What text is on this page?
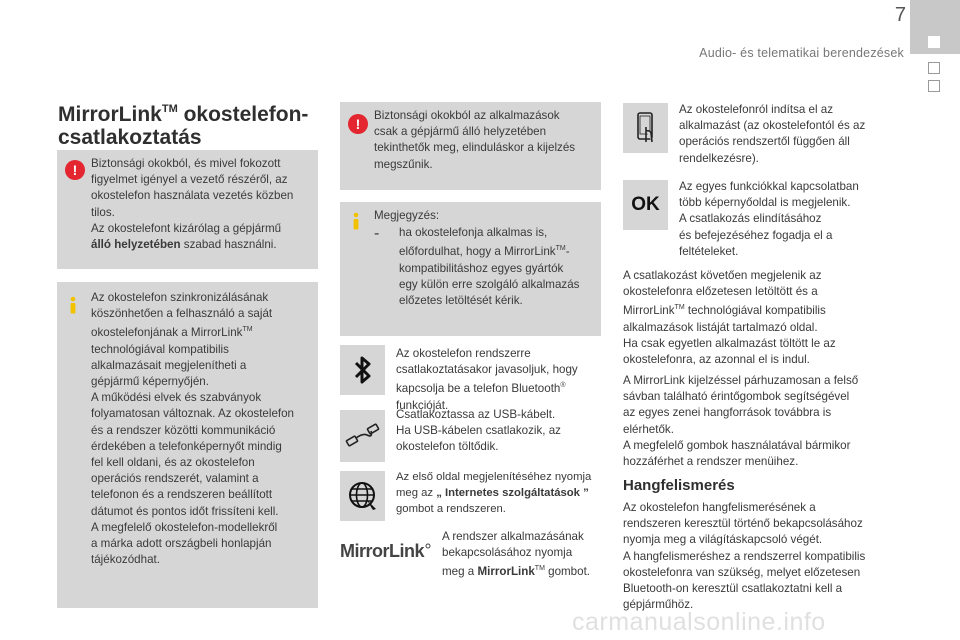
7
Audio- és telematikai berendezések
MirrorLink™ okostelefon-
csatlakoztatás
!	Biztonsági okokból, és mivel fokozott

figyelmet igényel a vezető részéről, az

okostelefon használata vezetés közben

tilos.

Az okostelefont kizárólag a gépjármű

álló helyzetében szabad használni.

Az okostelefon szinkronizálásának

köszönhetően a felhasználó a saját

okostelefonjának a MirrorLink™

technológiával kompatibilis

alkalmazásait megjelenítheti a

gépjármű képernyőjén.

A működési elvek és szabványok

folyamatosan változnak. Az okostelefon

és a rendszer közötti kommunikáció

érdekében a telefonképernyőt mindig

fel kell oldani, és az okostelefon

operációs rendszerét, valamint a

telefonon és a rendszeren beállított

dátumot és pontos időt frissíteni kell.

A megfelelő okostelefon-modellekről

a márka adott országbeli honlapján

tájékozódhat.

!

Biztonsági okokból az alkalmazások

csak a gépjármű álló helyzetében

tekinthetők meg, elinduláskor a kijelzés

megszűnik.

Megjegyzés:

-	ha okostelefonja alkalmas is,

előfordulhat, hogy a MirrorLink™-

kompatibilitáshoz egyes gyártók

egy külön erre szolgáló alkalmazás

előzetes letöltését kérik.

Az okostelefon rendszerre

csatlakoztatásakor javasoljuk, hogy

kapcsolja be a telefon Bluetooth®

funkcióját.

Csatlakoztassa az USB-kábelt.

Ha USB-kábelen csatlakozik, az

okostelefon töltődik.

Az első oldal megjelenítéséhez nyomja

meg az „ Internetes szolgáltatások ”

gombot a rendszeren.

MirrorLink

A rendszer alkalmazásának

bekapcsolásához nyomja

meg a MirrorLink™ gombot.

Az okostelefonról indítsa el az

alkalmazást (az okostelefontól és az

operációs rendszertől függően áll

rendelkezésre).

OK

Az egyes funkciókkal kapcsolatban

több képernyőoldal is megjelenik.

A csatlakozás elindításához

és befejezéséhez fogadja el a

feltételeket.

A csatlakozást követően megjelenik az

okostelefonra előzetesen letöltött és a

MirrorLink™ technológiával kompatibilis

alkalmazások listáját tartalmazó oldal.

Ha csak egyetlen alkalmazást töltött le az

okostelefonra, az azonnal el is indul.

A MirrorLink kijelzéssel párhuzamosan a felső

sávban található érintőgombok segítségével

az egyes zenei hangforrások továbbra is

elérhetők.

A megfelelő gombok használatával bármikor

hozzáférhet a rendszer menüihez.

Hangfelismerés

Az okostelefon hangfelismerésének a

rendszeren keresztül történő bekapcsolásához

nyomja meg a világításkapcsoló végét.

A hangfelismeréshez a rendszerrel kompatibilis

okostelefonra van szükség, melyet előzetesen

Bluetooth-on keresztül csatlakoztatni kell a

gépjárműhöz.

carmanualsonline.info
